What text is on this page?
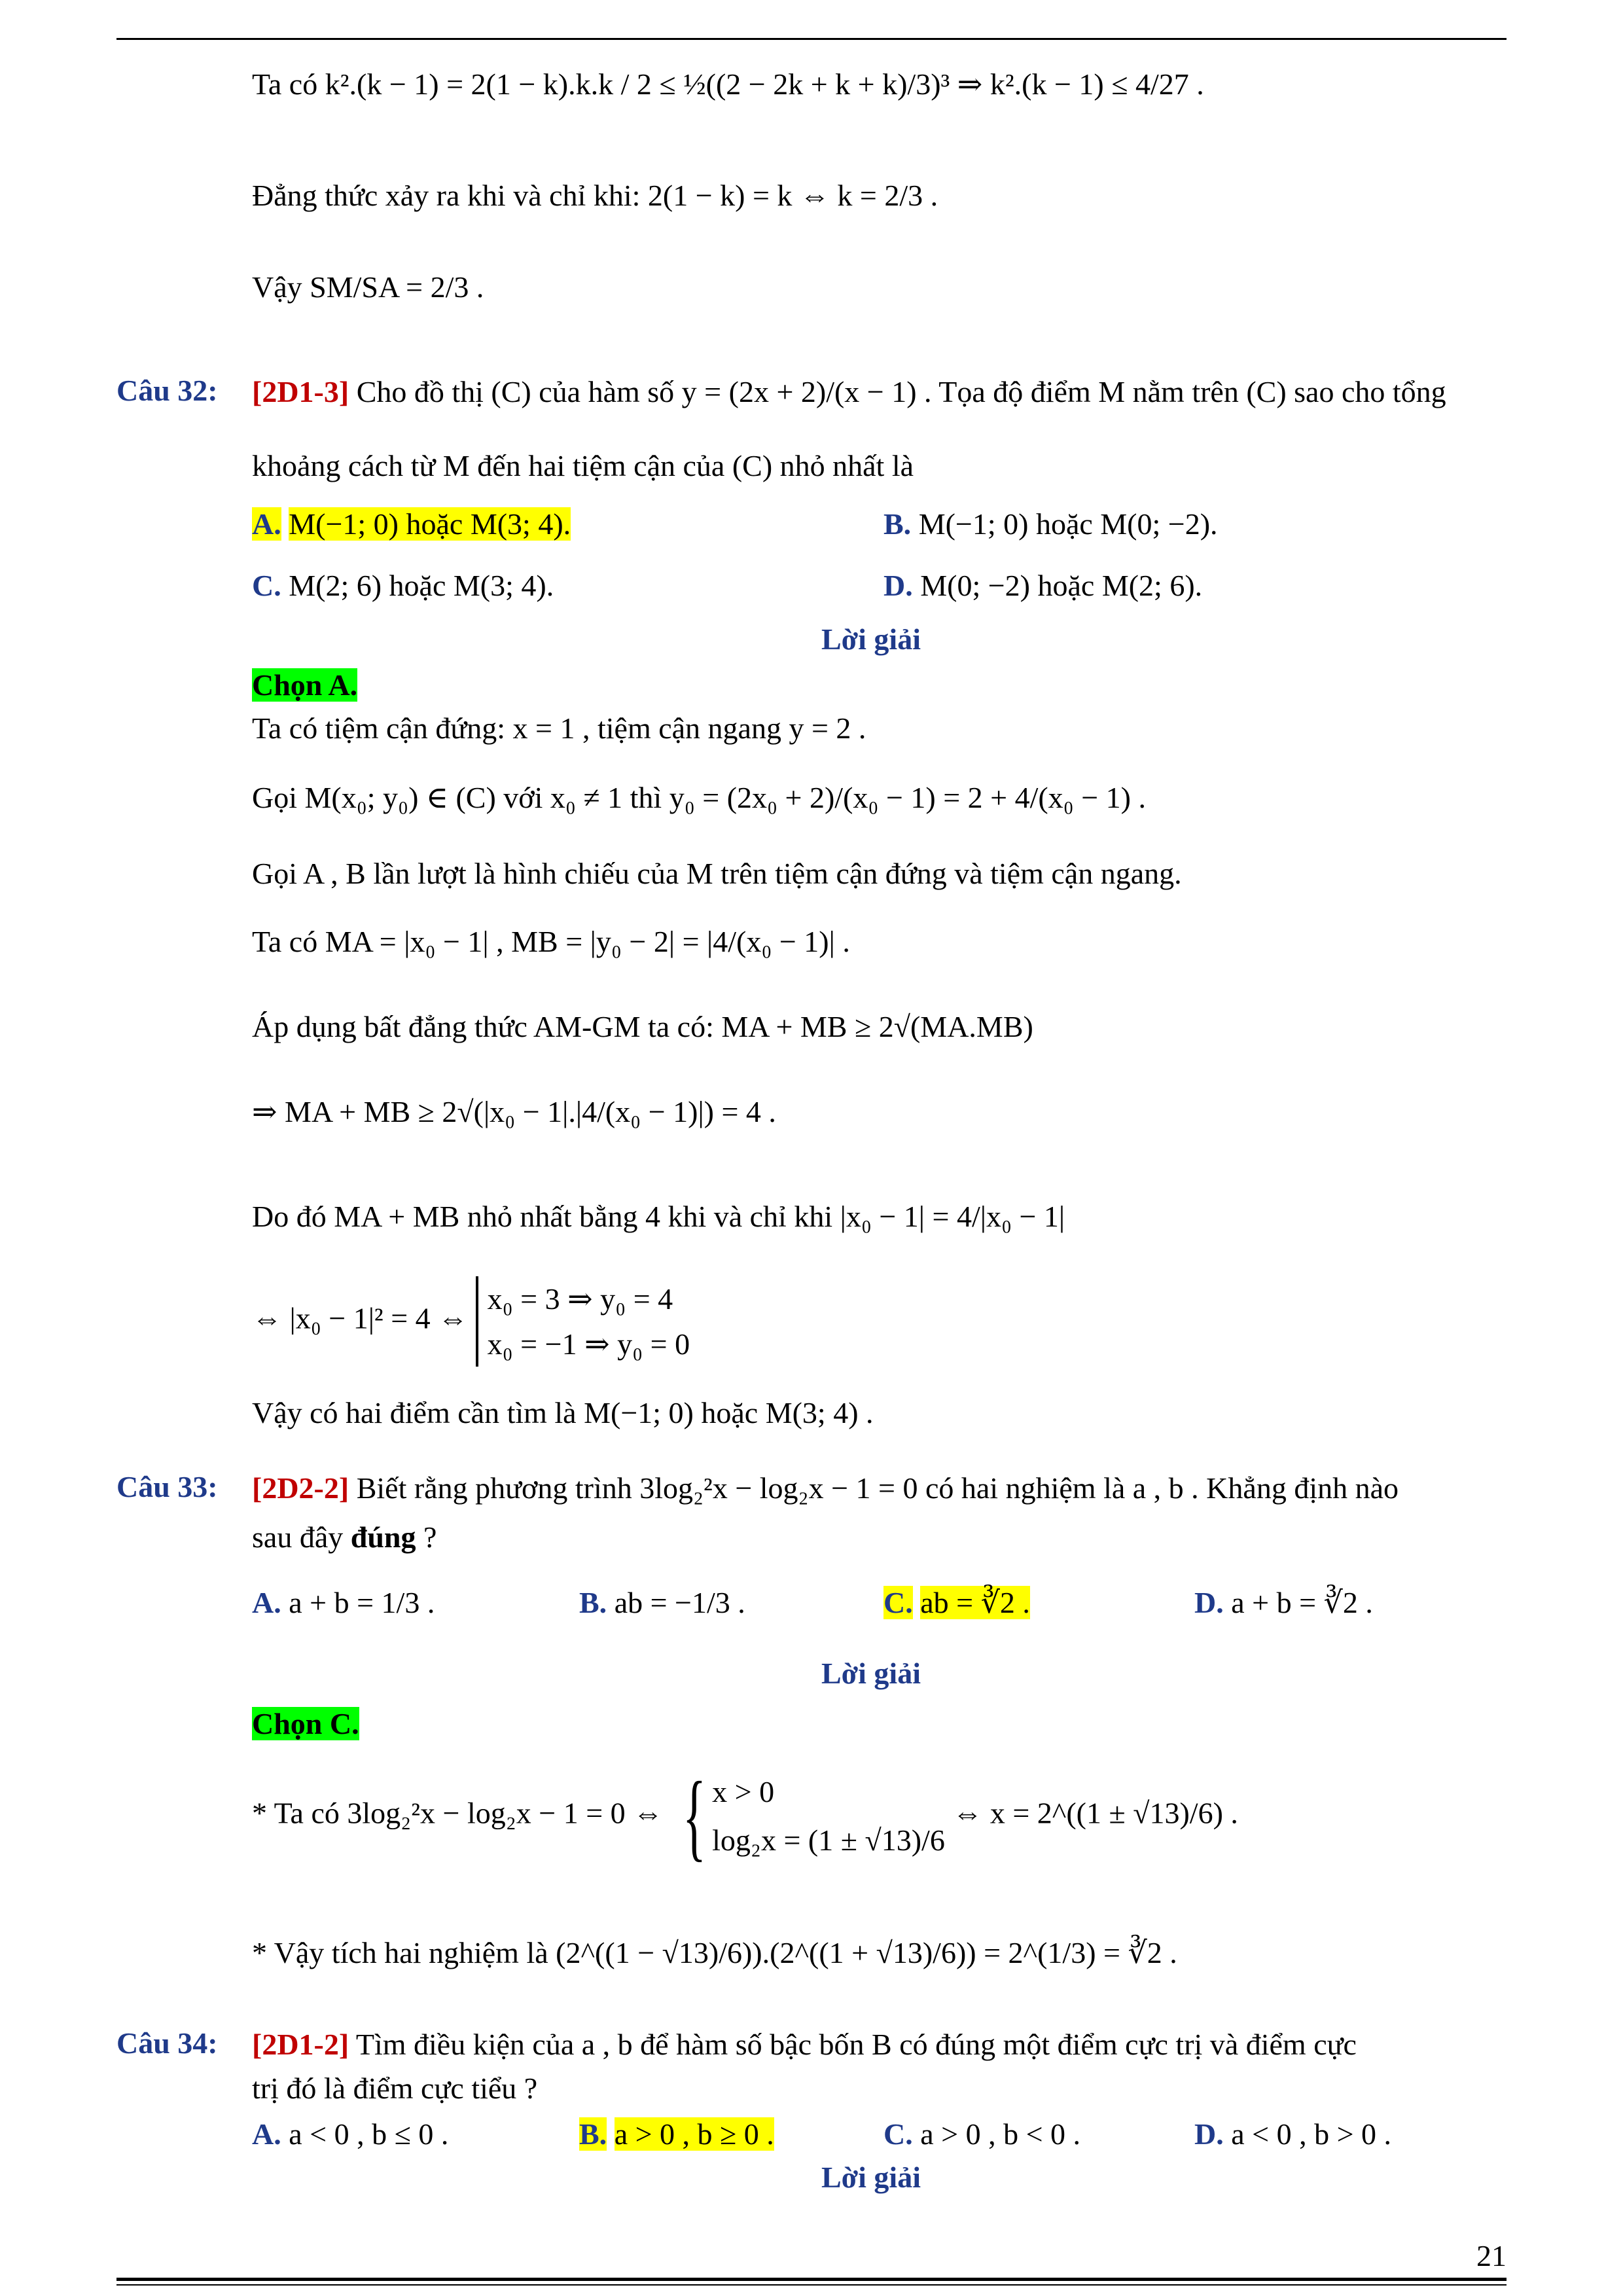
Ta có k².(k − 1) = 2(1 − k).k.k / 2 ≤ ½((2 − 2k + k + k)/3)³ ⇒ k².(k − 1) ≤ 4/27 .
Đẳng thức xảy ra khi và chỉ khi: 2(1 − k) = k ⇔ k = 2/3 .
Vậy SM/SA = 2/3 .
Câu 32: [2D1-3] Cho đồ thị (C) của hàm số y = (2x + 2)/(x − 1) . Tọa độ điểm M nằm trên (C) sao cho tổng
khoảng cách từ M đến hai tiệm cận của (C) nhỏ nhất là
A. M(−1; 0) hoặc M(3; 4).	B. M(−1; 0) hoặc M(0; −2).
C. M(2; 6) hoặc M(3; 4).	D. M(0; −2) hoặc M(2; 6).
Lời giải
Chọn A.
Ta có tiệm cận đứng: x = 1 , tiệm cận ngang y = 2 .
Gọi M(x₀; y₀) ∈ (C) với x₀ ≠ 1 thì y₀ = (2x₀ + 2)/(x₀ − 1) = 2 + 4/(x₀ − 1) .
Gọi A , B lần lượt là hình chiếu của M trên tiệm cận đứng và tiệm cận ngang.
Ta có MA = |x₀ − 1| , MB = |y₀ − 2| = |4/(x₀ − 1)| .
Áp dụng bất đẳng thức AM-GM ta có: MA + MB ≥ 2√(MA.MB)
⇒ MA + MB ≥ 2√(|x₀ − 1|.|4/(x₀ − 1)|) = 4 .
Do đó MA + MB nhỏ nhất bằng 4 khi và chỉ khi |x₀ − 1| = 4/|x₀ − 1|
⇔ |x₀ − 1|² = 4 ⇔
x₀ = 3 ⇒ y₀ = 4
x₀ = −1 ⇒ y₀ = 0
Vậy có hai điểm cần tìm là M(−1; 0) hoặc M(3; 4) .
Câu 33: [2D2-2] Biết rằng phương trình 3log₂²x − log₂x − 1 = 0 có hai nghiệm là a , b . Khẳng định nào
sau đây đúng ?
A. a + b = 1/3 .	B. ab = −1/3 .	C. ab = ∛2 .	D. a + b = ∛2 .
Lời giải
Chọn C.
* Ta có 3log₂²x − log₂x − 1 = 0 ⇔ { x > 0
log₂x = (1 ± √13)/6
⇔ x = 2^((1 ± √13)/6) .
* Vậy tích hai nghiệm là (2^((1 − √13)/6)).(2^((1 + √13)/6)) = 2^(1/3) = ∛2 .
Câu 34: [2D1-2] Tìm điều kiện của a , b để hàm số bậc bốn B có đúng một điểm cực trị và điểm cực
trị đó là điểm cực tiểu ?
A. a < 0 , b ≤ 0 .	B. a > 0 , b ≥ 0 .	C. a > 0 , b < 0 .	D. a < 0 , b > 0 .
Lời giải
21
